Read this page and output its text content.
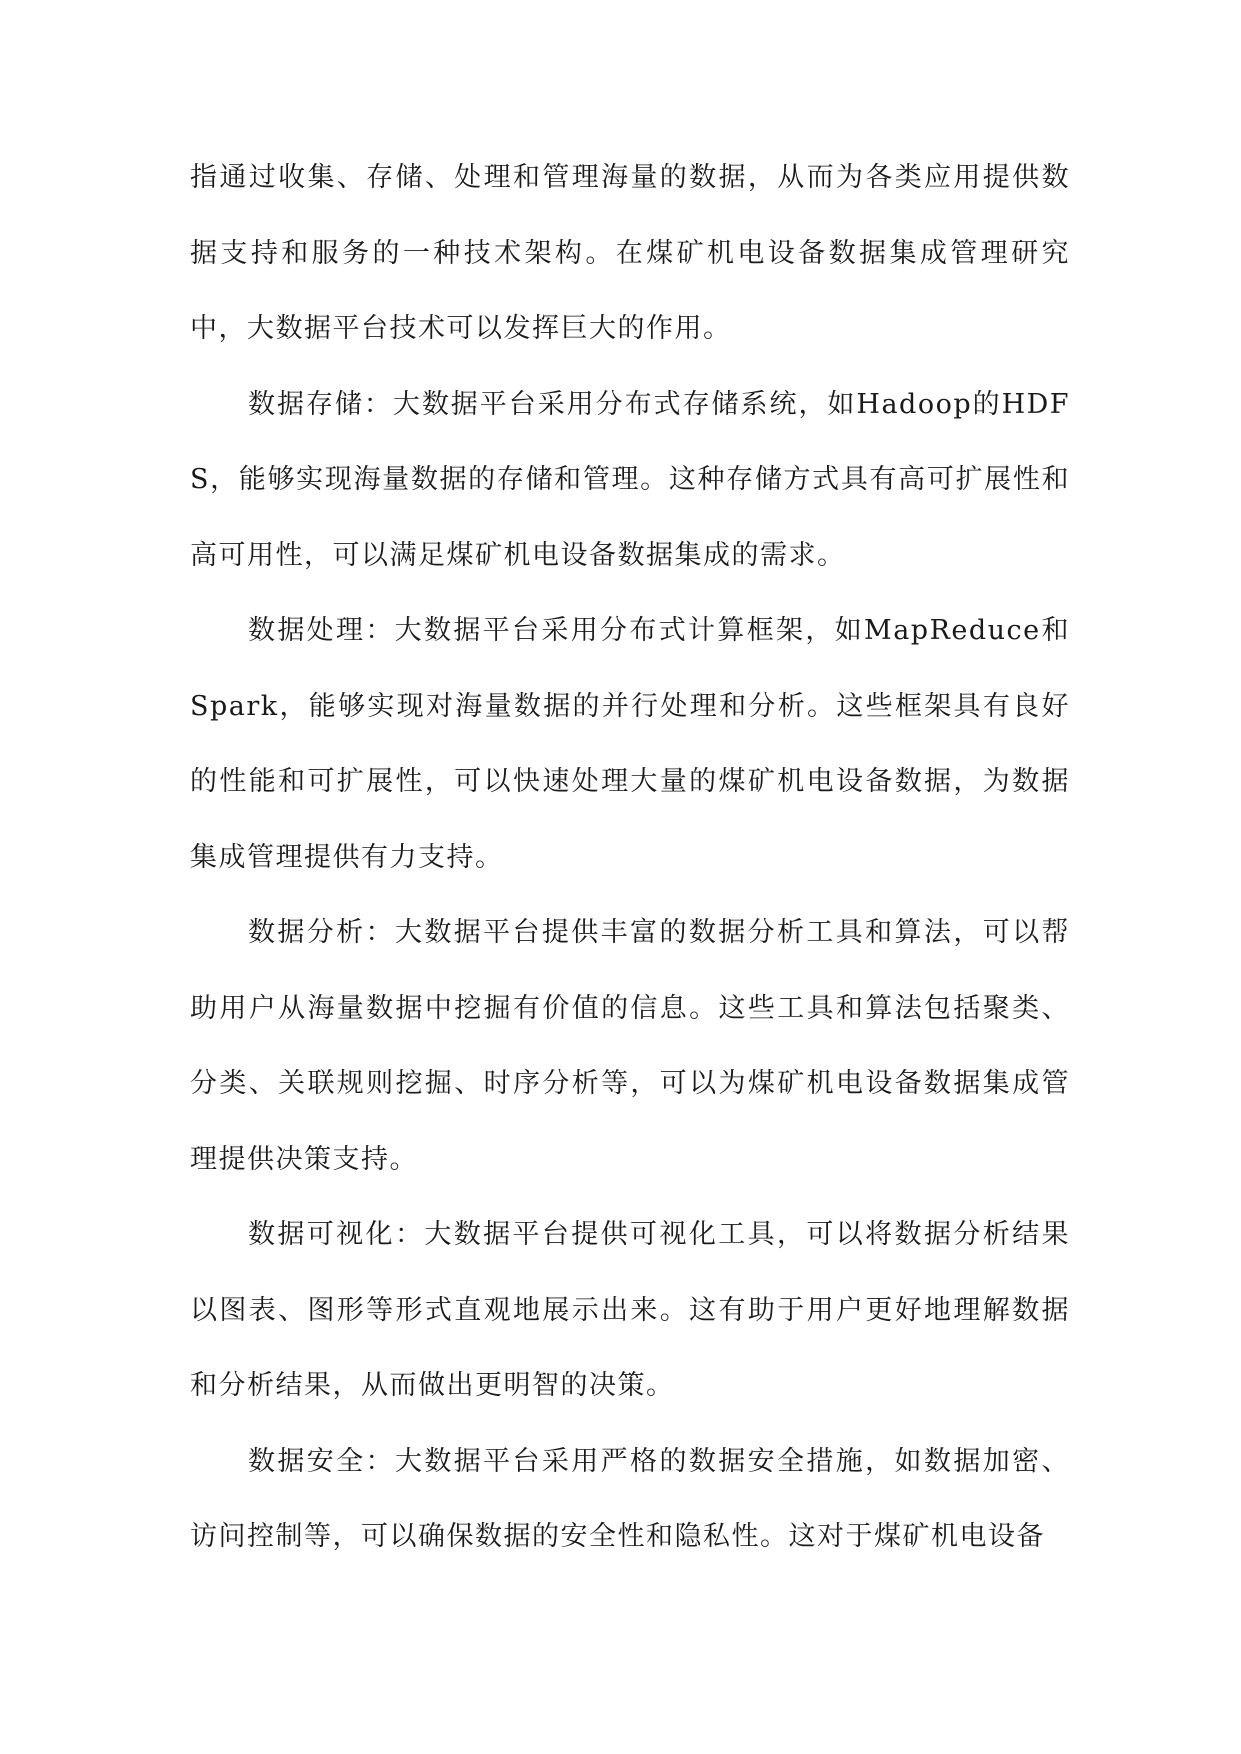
指通过收集、存储、处理和管理海量的数据，从而为各类应用提供数据支持和服务的一种技术架构。在煤矿机电设备数据集成管理研究中，大数据平台技术可以发挥巨大的作用。

数据存储：大数据平台采用分布式存储系统，如Hadoop的HDFS，能够实现海量数据的存储和管理。这种存储方式具有高可扩展性和高可用性，可以满足煤矿机电设备数据集成的需求。

数据处理：大数据平台采用分布式计算框架，如MapReduce和Spark，能够实现对海量数据的并行处理和分析。这些框架具有良好的性能和可扩展性，可以快速处理大量的煤矿机电设备数据，为数据集成管理提供有力支持。

数据分析：大数据平台提供丰富的数据分析工具和算法，可以帮助用户从海量数据中挖掘有价值的信息。这些工具和算法包括聚类、分类、关联规则挖掘、时序分析等，可以为煤矿机电设备数据集成管理提供决策支持。

数据可视化：大数据平台提供可视化工具，可以将数据分析结果以图表、图形等形式直观地展示出来。这有助于用户更好地理解数据和分析结果，从而做出更明智的决策。

数据安全：大数据平台采用严格的数据安全措施，如数据加密、访问控制等，可以确保数据的安全性和隐私性。这对于煤矿机电设备
